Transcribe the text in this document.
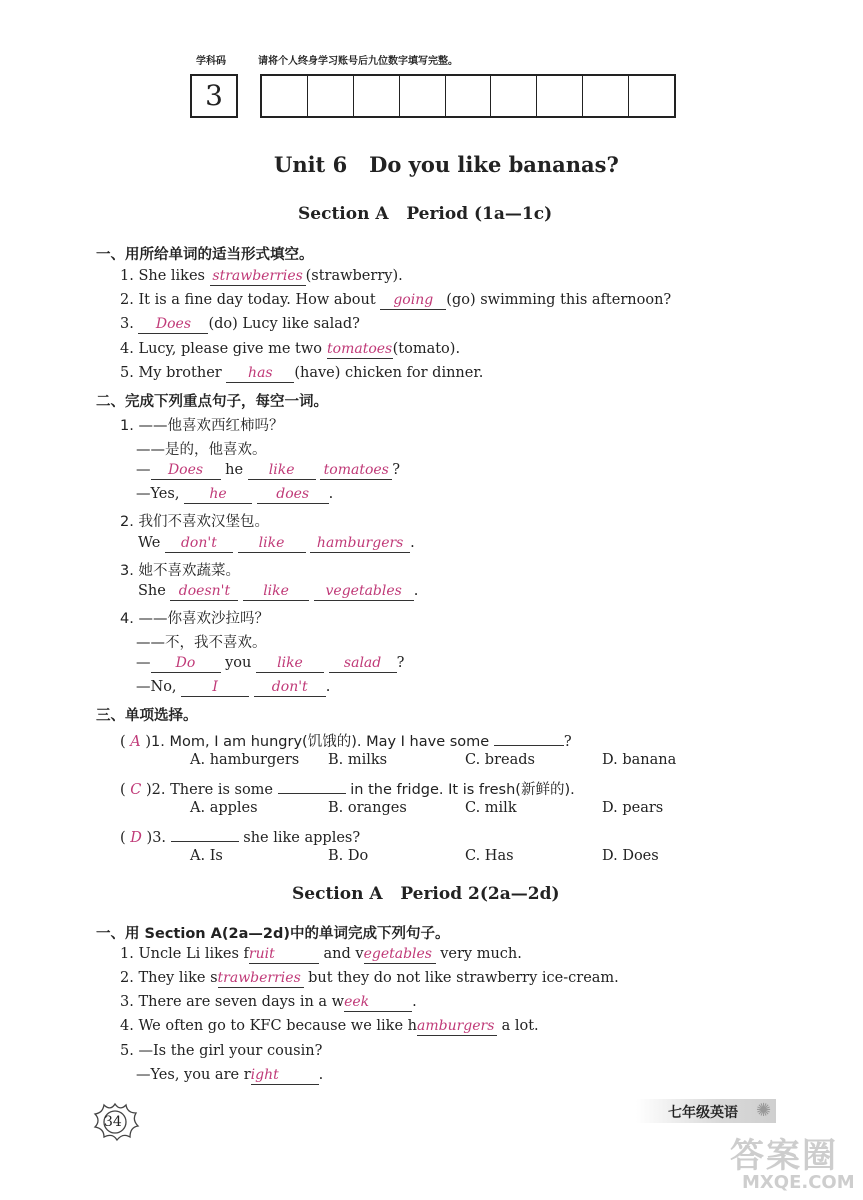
学科码	请将个人终身学习账号后九位数字填写完整。
3
Unit 6   Do you like bananas?
Section A   Period (1a—1c)
一、用所给单词的适当形式填空。
1. She likes strawberries (strawberry).
2. It is a fine day today. How about going (go) swimming this afternoon?
3. Does (do) Lucy like salad?
4. Lucy, please give me two tomatoes(tomato).
5. My brother has (have) chicken for dinner.
二、完成下列重点句子，每空一词。
1. ——他喜欢西红柿吗？
——是的，他喜欢。
— Does he like tomatoes ?
—Yes, he	does .
2. 我们不喜欢汉堡包。
We don't	like hamburgers .
3. 她不喜欢蔬菜。
She doesn't like	vegetables .
4. ——你喜欢沙拉吗？
——不，我不喜欢。
— Do you like	salad ?
—No,	I	don't .
三、单项选择。
( A )1. Mom, I am hungry(饥饿的). May I have some	?
A. hamburgers B. milks	C. breads	D. banana
( C )2. There is some	in the fridge. It is fresh(新鲜的).
A. apples	B. oranges	C. milk	D. pears
( D )3.	she like apples?
A. Is	B. Do	C. Has	D. Does
Section A   Period 2(2a—2d)
一、用 Section A(2a—2d)中的单词完成下列句子。
1. Uncle Li likes fruit	and vegetables very much.
2. They like strawberries but they do not like strawberry ice-cream.
3. There are seven days in a week	.
4. We often go to KFC because we like hamburgers a lot.
5. —Is the girl your cousin?
—Yes, you are right	.
34
七年级英语 ✺
答案圈
MXQE.COM
